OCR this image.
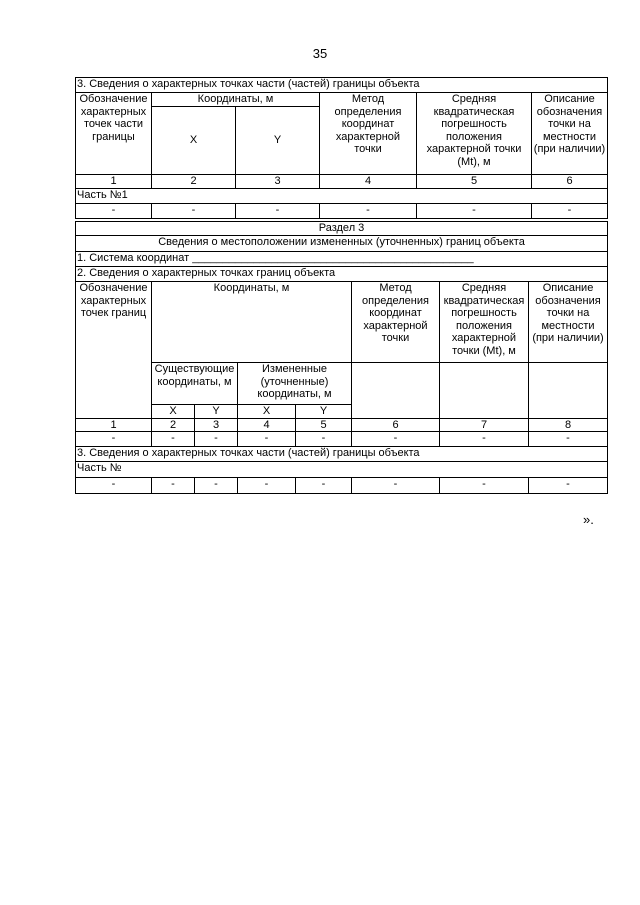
35
3. Сведения о характерных точках части (частей) границы объекта					
Обозначение характерных точек части границы	Координаты, м		Метод определения координат характерной точки	Средняя квадратическая погрешность положения характерной точки (Mt), м	Описание обозначения точки на местности (при наличии)
	X	Y			
1	2	3	4	5	6
Часть №1					
-	-	-	-	-	-
Раздел 3							
Сведения о местоположении измененных (уточненных) границ объекта							
1. Система координат ______________________________________________							
2. Сведения о характерных точках границ объекта							
Обозначение характерных точек границ	Координаты, м				Метод определения координат характерной точки	Средняя квадратическая погрешность положения характерной точки (Mt), м	Описание обозначения точки на местности (при наличии)
	Существующие координаты, м		Измененные (уточненные) координаты, м				
	X	Y	X	Y			
1	2	3	4	5	6	7	8
-	-	-	-	-	-	-	-
3. Сведения о характерных точках части (частей) границы объекта							
Часть №							
-	-	-	-	-	-	-	-
».
